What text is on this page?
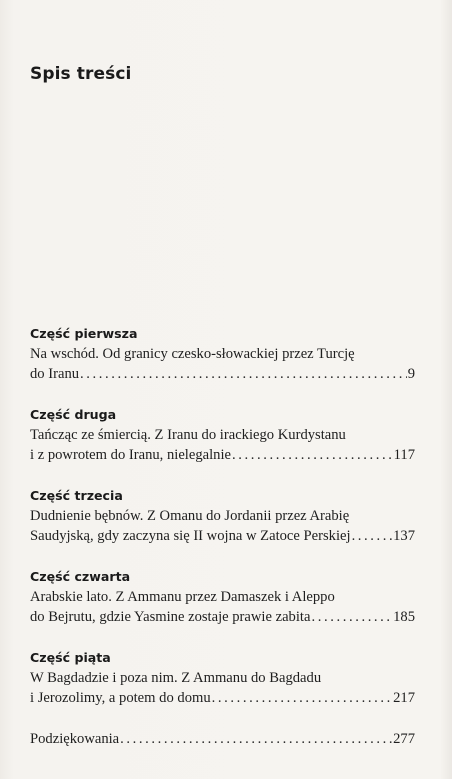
Spis treści
Część pierwsza
Na wschód. Od granicy czesko-słowackiej przez Turcję
do Iranu .....	9
Część druga
Tańcząc ze śmiercią. Z Iranu do irackiego Kurdystanu
i z powrotem do Iranu, nielegalnie .....	117
Część trzecia
Dudnienie bębnów. Z Omanu do Jordanii przez Arabię
Saudyjską, gdy zaczyna się II wojna w Zatoce Perskiej .....	137
Część czwarta
Arabskie lato. Z Ammanu przez Damaszek i Aleppo
do Bejrutu, gdzie Yasmine zostaje prawie zabita .....	185
Część piąta
W Bagdadzie i poza nim. Z Ammanu do Bagdadu
i Jerozolimy, a potem do domu .....	217
Podziękowania .....	277
